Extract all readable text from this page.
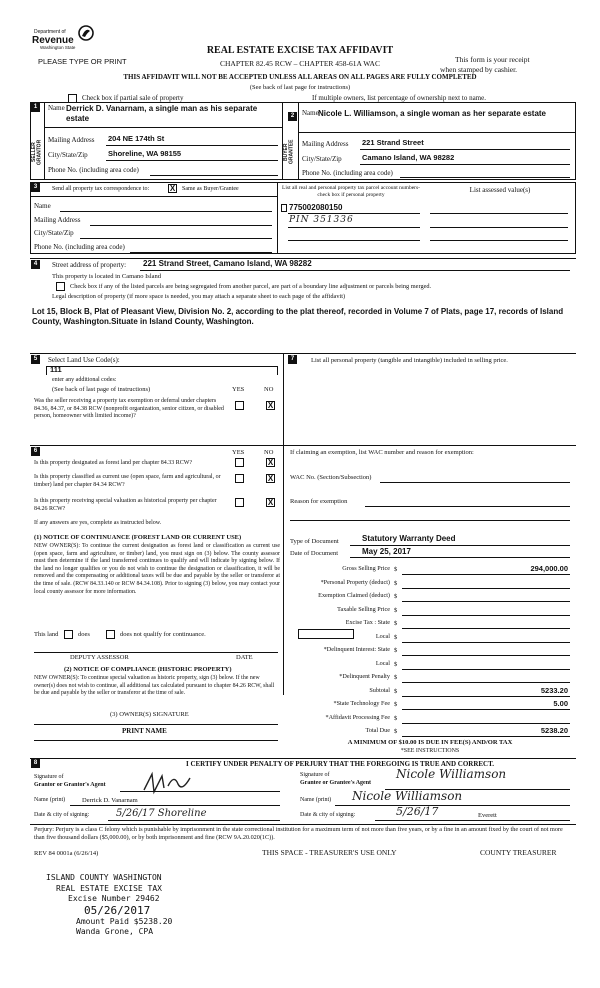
Department of
Revenue
Washington State	REAL ESTATE EXCISE TAX AFFIDAVIT
PLEASE TYPE OR PRINT	CHAPTER 82.45 RCW – CHAPTER 458-61A WAC	This form is your receipt
when stamped by cashier.
THIS AFFIDAVIT WILL NOT BE ACCEPTED UNLESS ALL AREAS ON ALL PAGES ARE FULLY COMPLETED
(See back of last page for instructions)
Check box if partial sale of property	If multiple owners, list percentage of ownership next to name.
1
SELLER GRANTOR
Name Derrick D. Vanarnam, a single man as his separate estate
Mailing Address 204 NE 174th St
City/State/Zip	Shoreline, WA 98155
Phone No. (including area code)
2
BUYER GRANTEE
Name Nicole L. Williamson, a single woman as her separate estate
Mailing Address 221 Strand Street
City/State/Zip	Camano Island, WA 98282
Phone No. (including area code)
3	Send all property tax correspondence to:	X	Same as Buyer/Grantee
Name
Mailing Address
City/State/Zip
Phone No. (including area code)
List all real and personal property tax parcel account numbers-check box if personal property
List assessed value(s)
775002080150
PIN 351336
4	Street address of property: 221 Strand Street, Camano Island, WA 98282
This property is located in Camano Island
Check box if any of the listed parcels are being segregated from another parcel, are part of a boundary line adjustment or parcels being merged.
Legal description of property (if more space is needed, you may attach a separate sheet to each page of the affidavit)
Lot 15, Block B, Plat of Pleasant View, Division No. 2, according to the plat thereof, recorded in Volume 7 of Plats, page 17, records of Island County, Washington.Situate in Island County, Washington.
5	Select Land Use Code(s):
111
enter any additional codes:
(See back of last page of instructions)	YES	NO
Was the seller receiving a property tax exemption or deferral under chapters 84.36, 84.37, or 84.38 RCW (nonprofit organization, senior citizen, or disabled person, homeowner with limited income)?
X
7	List all personal property (tangible and intangible) included in selling price.
6	YES	NO
Is this property designated as forest land per chapter 84.33 RCW?	X
Is this property classified as current use (open space, farm and agricultural, or timber) land per chapter 84.34 RCW?
X
Is this property receiving special valuation as historical property per chapter 84.26 RCW?
X
If any answers are yes, complete as instructed below.
(1) NOTICE OF CONTINUANCE (FOREST LAND OR CURRENT USE)
NEW OWNER(S): To continue the current designation as forest land or classification as current use (open space, farm and agriculture, or timber) land, you must sign on (3) below. The county assessor must then determine if the land transferred continues to qualify and will indicate by signing below. If the land no longer qualifies or you do not wish to continue the designation or classification, it will be removed and the compensating or additional taxes will be due and payable by the seller or transferor at the time of sale. (RCW 84.33.140 or RCW 84.34.108). Prior to signing (3) below, you may contact your local county assessor for more information.
This land	does	does not qualify for continuance.
DEPUTY ASSESSOR	DATE
(2) NOTICE OF COMPLIANCE (HISTORIC PROPERTY)
NEW OWNER(S): To continue special valuation as historic property, sign (3) below. If the new owner(s) does not wish to continue, all additional tax calculated pursuant to chapter 84.26 RCW, shall be due and payable by the seller or transferor at the time of sale.
(3) OWNER(S) SIGNATURE
PRINT NAME
If claiming an exemption, list WAC number and reason for exemption:
WAC No. (Section/Subsection)
Reason for exemption
Type of Document	Statutory Warranty Deed
Date of Document	May 25, 2017
Gross Selling Price $	294,000.00
*Personal Property (deduct) $
Exemption Claimed (deduct) $
Taxable Selling Price $
Excise Tax : State $
Local $
*Delinquent Interest: State $
Local $
*Delinquent Penalty $
Subtotal $	5233.20
*State Technology Fee $	5.00
*Affidavit Processing Fee $
Total Due $	5238.20
A MINIMUM OF $10.00 IS DUE IN FEE(S) AND/OR TAX
*SEE INSTRUCTIONS
8	I CERTIFY UNDER PENALTY OF PERJURY THAT THE FOREGOING IS TRUE AND CORRECT.
Signature of
Grantor or Grantor's Agent
Name (print)	Derrick D. Vanarnam
Date & city of signing:	5/26/17 Shoreline
Signature of
Grantee or Grantee's Agent
Nicole Williamson
Name (print) Nicole Williamson
Date & city of signing:	5/26/17	Everett
Perjury: Perjury is a class C felony which is punishable by imprisonment in the state correctional institution for a maximum term of not more than five years, or by a fine in an amount fixed by the court of not more than five thousand dollars ($5,000.00), or by both imprisonment and fine (RCW 9A.20.020(1C)).
REV 84 0001a (6/26/14)	THIS SPACE - TREASURER'S USE ONLY	COUNTY TREASURER
ISLAND COUNTY WASHINGTON
REAL ESTATE EXCISE TAX
Excise Number 29462
05/26/2017
Amount Paid $5238.20
Wanda Grone, CPA
